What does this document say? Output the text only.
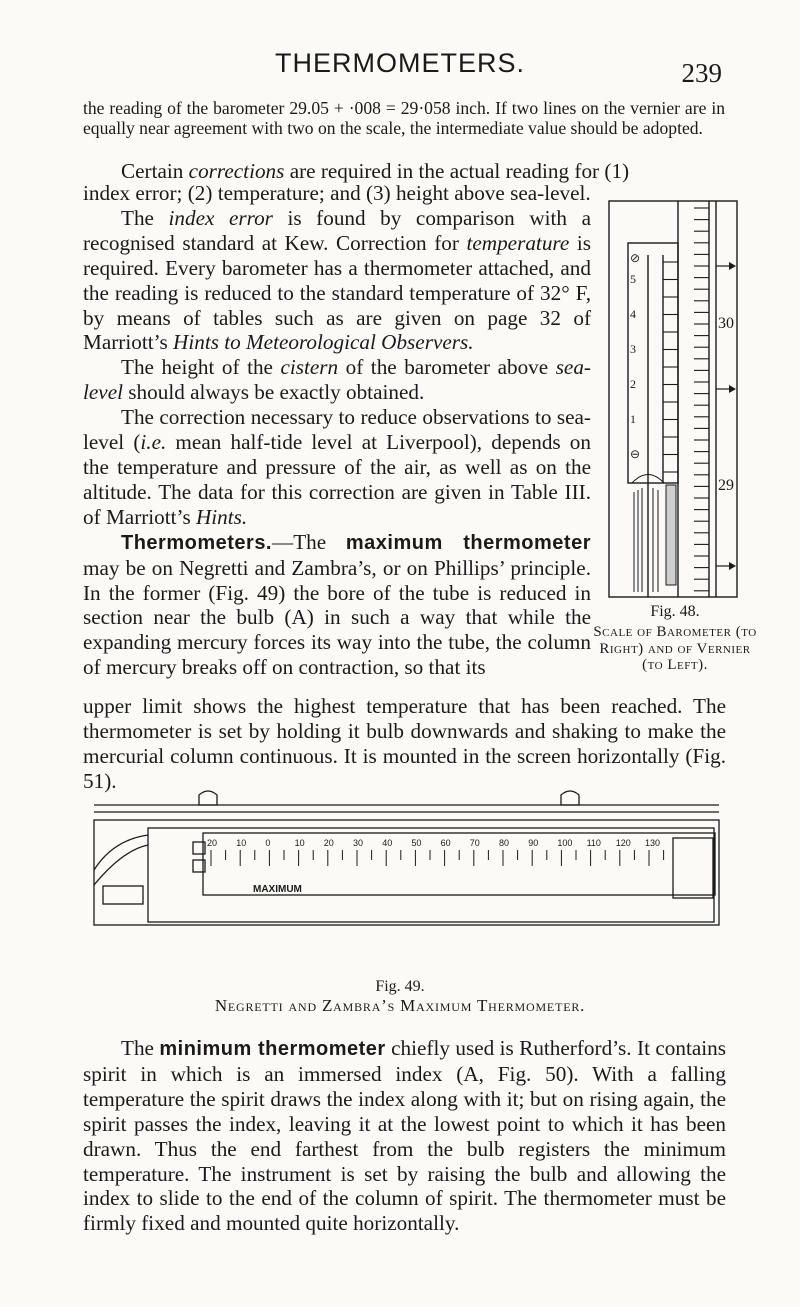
THERMOMETERS.	239

the reading of the barometer 29.05 + ·008 = 29·058 inch. If two lines on the vernier are in equally near agreement with two on the scale, the intermediate value should be adopted.

Certain corrections are required in the actual reading for (1)

index error; (2) temperature; and (3) height above sea-level.

The index error is found by comparison with a recognised standard at Kew. Correction for temperature is required. Every barometer has a thermometer attached, and the reading is reduced to the standard temperature of 32° F, by means of tables such as are given on page 32 of Marriott’s Hints to Meteorological Observers.

The height of the cistern of the barometer above sea-level should always be exactly obtained.

The correction necessary to reduce observations to sea-level (i.e. mean half-tide level at Liverpool), depends on the temperature and pressure of the air, as well as on the altitude. The data for this correction are given in Table III. of Marriott’s Hints.

Thermometers.—The maximum thermometer may be on Negretti and Zambra’s, or on Phillips’ principle. In the former (Fig. 49) the bore of the tube is reduced in section near the bulb (A) in such a way that while the expanding mercury forces its way into the tube, the column of mercury breaks off on contraction, so that its

upper limit shows the highest temperature that has been reached. The thermometer is set by holding it bulb downwards and shaking to make the mercurial column continuous. It is mounted in the screen horizontally (Fig. 51).
30
29
⊘
5
4
3
2
1
⊖
Fig. 48.
Scale of Barometer (to Right) and of Vernier (to Left).
20 10 0	10 20 30 40 50 60 70 80 90 100 110 120 130
MAXIMUM
Fig. 49.
Negretti and Zambra’s Maximum Thermometer.

The minimum thermometer chiefly used is Rutherford’s. It contains spirit in which is an immersed index (A, Fig. 50). With a falling temperature the spirit draws the index along with it; but on rising again, the spirit passes the index, leaving it at the lowest point to which it has been drawn. Thus the end farthest from the bulb registers the minimum temperature. The instrument is set by raising the bulb and allowing the index to slide to the end of the column of spirit. The thermometer must be firmly fixed and mounted quite horizontally.
